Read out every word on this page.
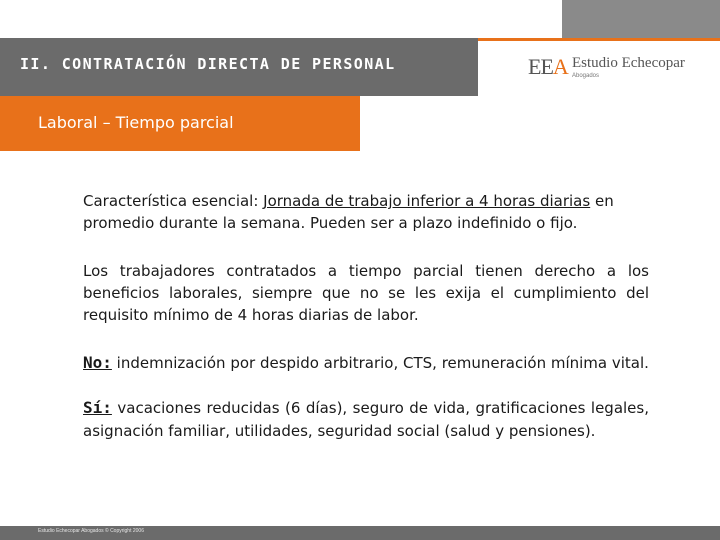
II. CONTRATACIÓN DIRECTA DE PERSONAL	EEA Estudio Echecopar
Abogados
Laboral – Tiempo parcial

Característica esencial: Jornada de trabajo inferior a 4 horas diarias en promedio durante la semana. Pueden ser a plazo indefinido o fijo.

Los trabajadores contratados a tiempo parcial tienen derecho a los beneficios laborales, siempre que no se les exija el cumplimiento del requisito mínimo de 4 horas diarias de labor.

No: indemnización por despido arbitrario, CTS, remuneración mínima vital.

Sí: vacaciones reducidas (6 días), seguro de vida, gratificaciones legales, asignación familiar, utilidades, seguridad social (salud y pensiones).

Estudio Echecopar Abogados © Copyright 2006
